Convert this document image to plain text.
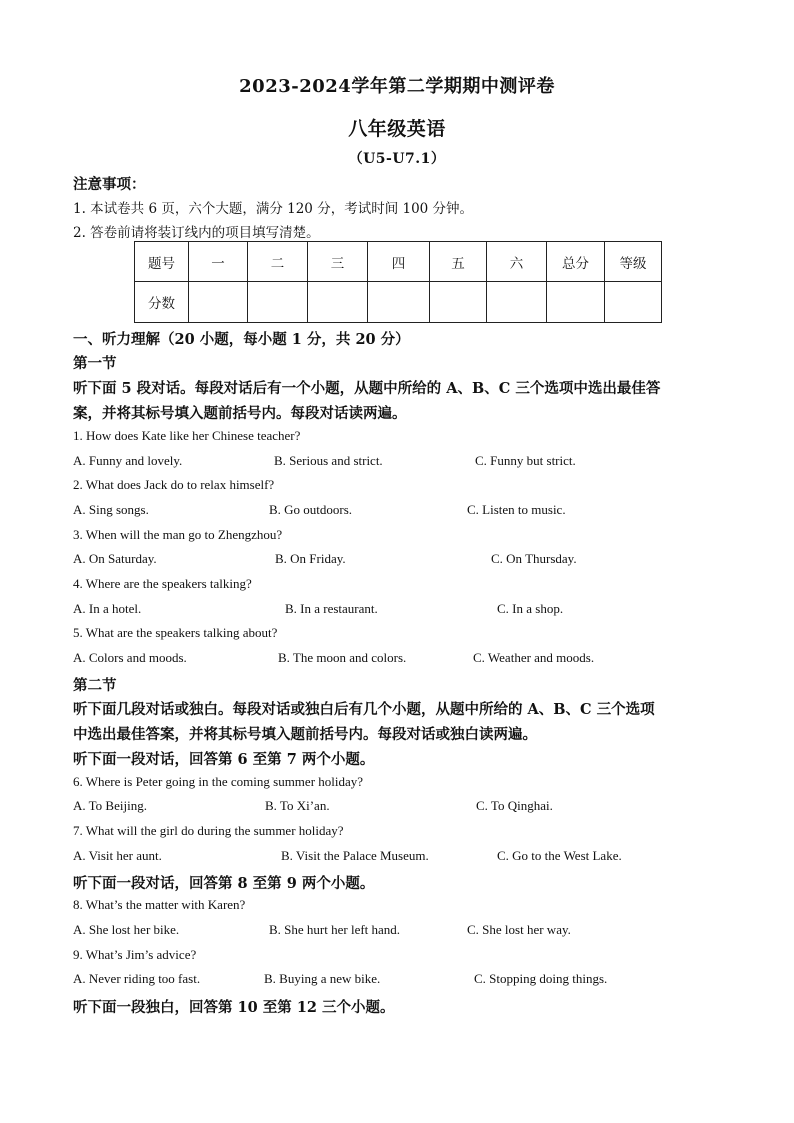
2023-2024学年第二学期期中测评卷
八年级英语
（U5-U7.1）
注意事项：
1. 本试卷共 6 页，六个大题，满分 120 分，考试时间 100 分钟。
2. 答卷前请将装订线内的项目填写清楚。
题号	一	二	三	四	五	六	总分	等级
分数								
一、听力理解（20 小题，每小题 1 分，共 20 分）
第一节
听下面 5 段对话。每段对话后有一个小题，从题中所给的 A、B、C 三个选项中选出最佳答
案，并将其标号填入题前括号内。每段对话读两遍。
1. How does Kate like her Chinese teacher?
A. Funny and lovely.	B. Serious and strict.	C. Funny but strict.
2. What does Jack do to relax himself?
A. Sing songs.	B. Go outdoors.	C. Listen to music.
3. When will the man go to Zhengzhou?
A. On Saturday.	B. On Friday.	C. On Thursday.
4. Where are the speakers talking?
A. In a hotel.	B. In a restaurant.	C. In a shop.
5. What are the speakers talking about?
A. Colors and moods.	B. The moon and colors.	C. Weather and moods.
第二节
听下面几段对话或独白。每段对话或独白后有几个小题，从题中所给的 A、B、C 三个选项
中选出最佳答案，并将其标号填入题前括号内。每段对话或独白读两遍。
听下面一段对话，回答第 6 至第 7 两个小题。
6. Where is Peter going in the coming summer holiday?
A. To Beijing.	B. To Xi’an.	C. To Qinghai.
7. What will the girl do during the summer holiday?
A. Visit her aunt.	B. Visit the Palace Museum.	C. Go to the West Lake.
听下面一段对话，回答第 8 至第 9 两个小题。
8. What’s the matter with Karen?
A. She lost her bike.	B. She hurt her left hand.	C. She lost her way.
9. What’s Jim’s advice?
A. Never riding too fast.	B. Buying a new bike.	C. Stopping doing things.
听下面一段独白，回答第 10 至第 12 三个小题。
